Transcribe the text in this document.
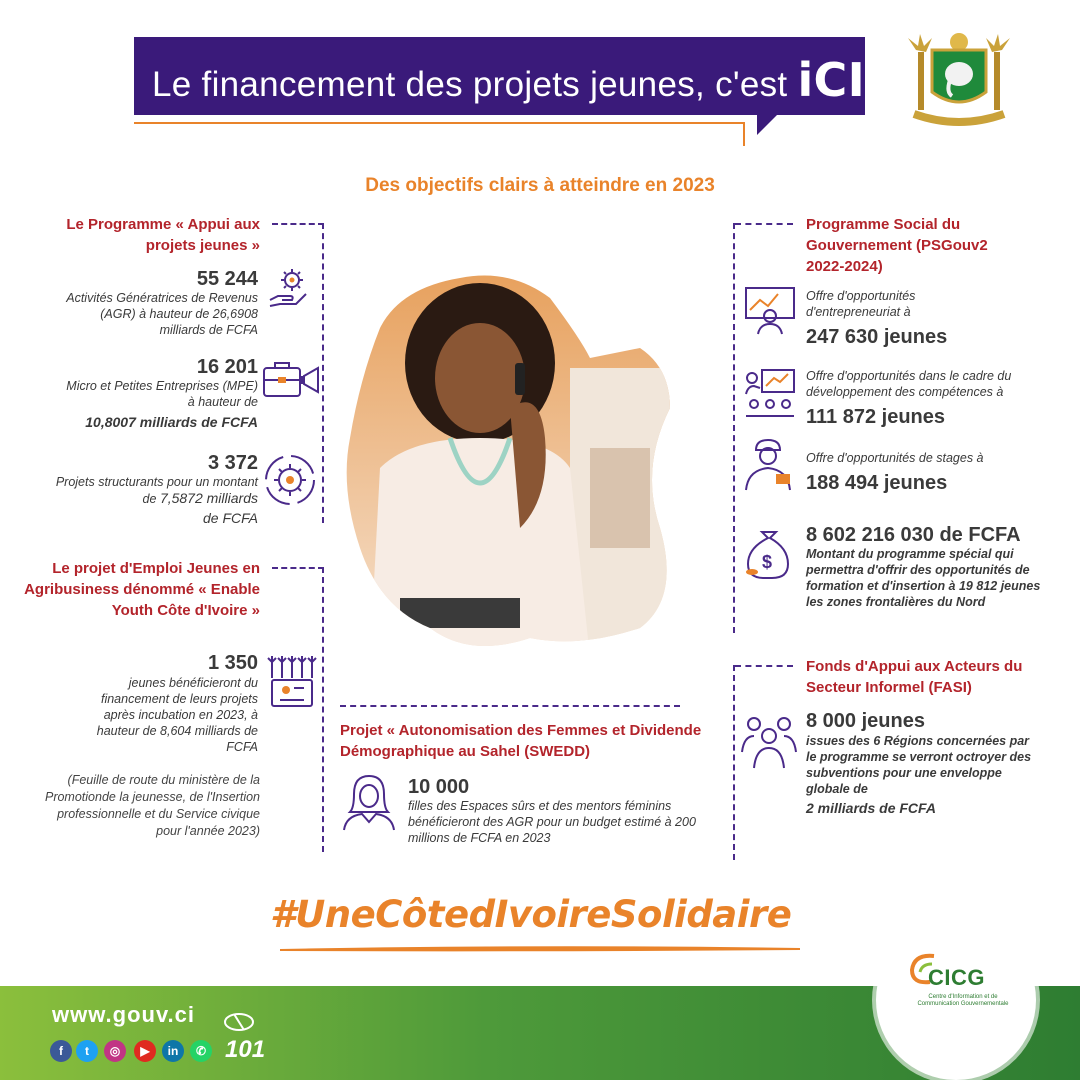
Le financement des projets jeunes, c'est iCI
Des objectifs clairs à atteindre en 2023
Le Programme « Appui aux projets jeunes »
55 244
Activités Génératrices de Revenus (AGR) à hauteur de 26,6908 milliards de FCFA
16 201
Micro et Petites Entreprises (MPE) à hauteur de
10,8007 milliards de FCFA
3 372
Projets structurants pour un montant de 7,5872 milliards
de FCFA
Le projet d'Emploi Jeunes en Agribusiness dénommé « Enable Youth Côte d'Ivoire »
1 350
jeunes bénéficieront du financement de leurs projets après incubation en 2023, à hauteur de 8,604 milliards de FCFA
(Feuille de route du ministère de la Promotionde la jeunesse, de l'Insertion professionnelle et du Service civique pour l'année 2023)
Projet « Autonomisation des Femmes et Dividende Démographique au Sahel (SWEDD)
10 000
filles des Espaces sûrs et des mentors féminins bénéficieront des AGR pour un budget estimé à 200 millions de FCFA en 2023
Programme Social du Gouvernement (PSGouv2 2022-2024)
Offre d'opportunités d'entrepreneuriat à
247 630 jeunes
Offre d'opportunités dans le cadre du développement des compétences à
111 872 jeunes
Offre d'opportunités de stages à
188 494 jeunes
$
8 602 216 030 de FCFA
Montant du programme spécial qui permettra d'offrir des opportunités de formation et d'insertion à 19 812 jeunes les zones frontalières du Nord
Fonds d'Appui aux Acteurs du Secteur Informel (FASI)
8 000 jeunes
issues des 6 Régions concernées par le programme se verront octroyer des subventions pour une enveloppe globale de
2 milliards de FCFA
#UneCôtedIvoireSolidaire
www.gouv.ci
f	t	◎	▶	in	✆ 101
CICG
Centre d'Information et de Communication Gouvernementale
